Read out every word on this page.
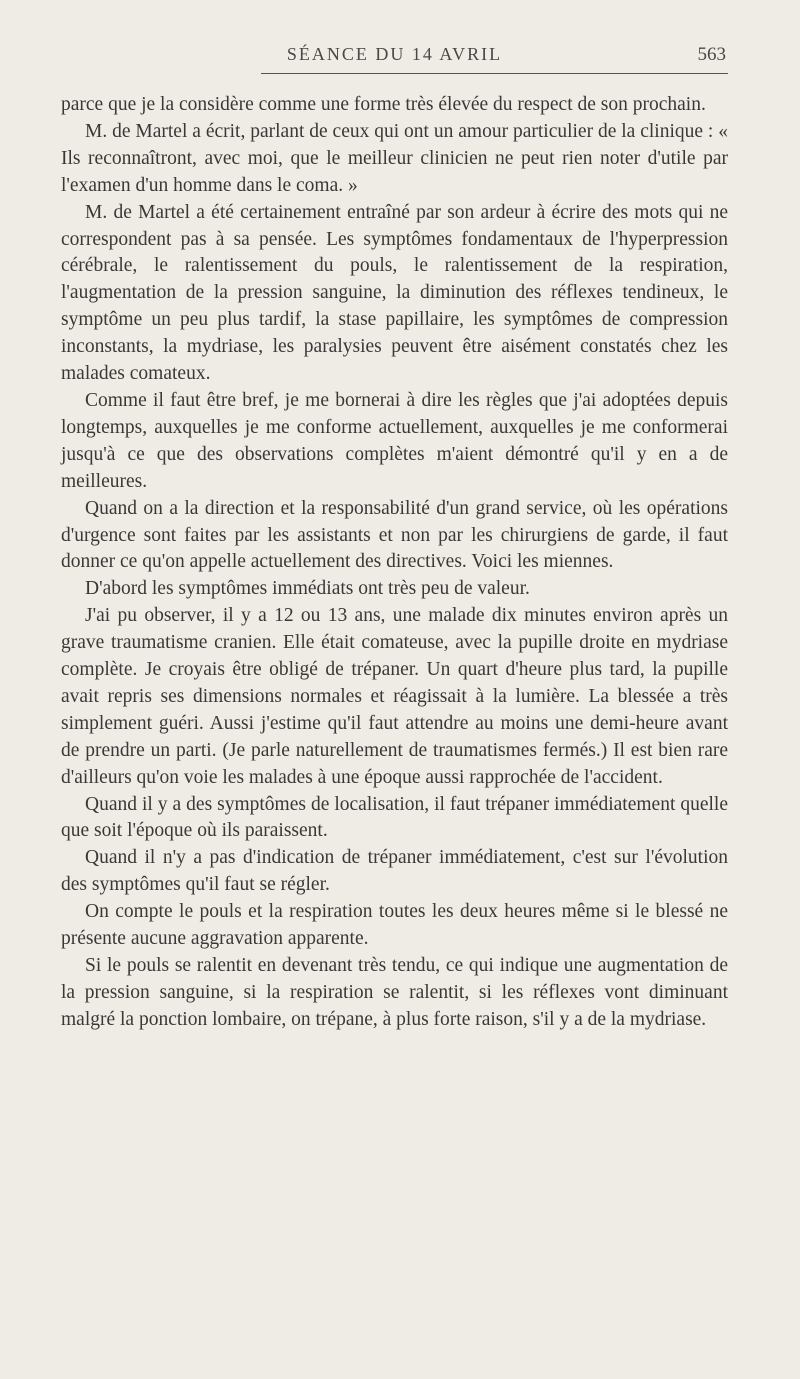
SÉANCE DU 14 AVRIL	563

parce que je la considère comme une forme très élevée du respect de son prochain.

M. de Martel a écrit, parlant de ceux qui ont un amour particulier de la clinique : « Ils reconnaîtront, avec moi, que le meilleur clinicien ne peut rien noter d'utile par l'examen d'un homme dans le coma. »

M. de Martel a été certainement entraîné par son ardeur à écrire des mots qui ne correspondent pas à sa pensée. Les symptômes fondamentaux de l'hyperpression cérébrale, le ralentissement du pouls, le ralentissement de la respiration, l'augmentation de la pression sanguine, la diminution des réflexes tendineux, le symptôme un peu plus tardif, la stase papillaire, les symptômes de compression inconstants, la mydriase, les paralysies peuvent être aisément constatés chez les malades comateux.

Comme il faut être bref, je me bornerai à dire les règles que j'ai adoptées depuis longtemps, auxquelles je me conforme actuellement, auxquelles je me conformerai jusqu'à ce que des observations complètes m'aient démontré qu'il y en a de meilleures.

Quand on a la direction et la responsabilité d'un grand service, où les opérations d'urgence sont faites par les assistants et non par les chirurgiens de garde, il faut donner ce qu'on appelle actuellement des directives. Voici les miennes.

D'abord les symptômes immédiats ont très peu de valeur.

J'ai pu observer, il y a 12 ou 13 ans, une malade dix minutes environ après un grave traumatisme cranien. Elle était comateuse, avec la pupille droite en mydriase complète. Je croyais être obligé de trépaner. Un quart d'heure plus tard, la pupille avait repris ses dimensions normales et réagissait à la lumière. La blessée a très simplement guéri. Aussi j'estime qu'il faut attendre au moins une demi-heure avant de prendre un parti. (Je parle naturellement de traumatismes fermés.) Il est bien rare d'ailleurs qu'on voie les malades à une époque aussi rapprochée de l'accident.

Quand il y a des symptômes de localisation, il faut trépaner immédiatement quelle que soit l'époque où ils paraissent.

Quand il n'y a pas d'indication de trépaner immédiatement, c'est sur l'évolution des symptômes qu'il faut se régler.

On compte le pouls et la respiration toutes les deux heures même si le blessé ne présente aucune aggravation apparente.

Si le pouls se ralentit en devenant très tendu, ce qui indique une augmentation de la pression sanguine, si la respiration se ralentit, si les réflexes vont diminuant malgré la ponction lombaire, on trépane, à plus forte raison, s'il y a de la mydriase.
